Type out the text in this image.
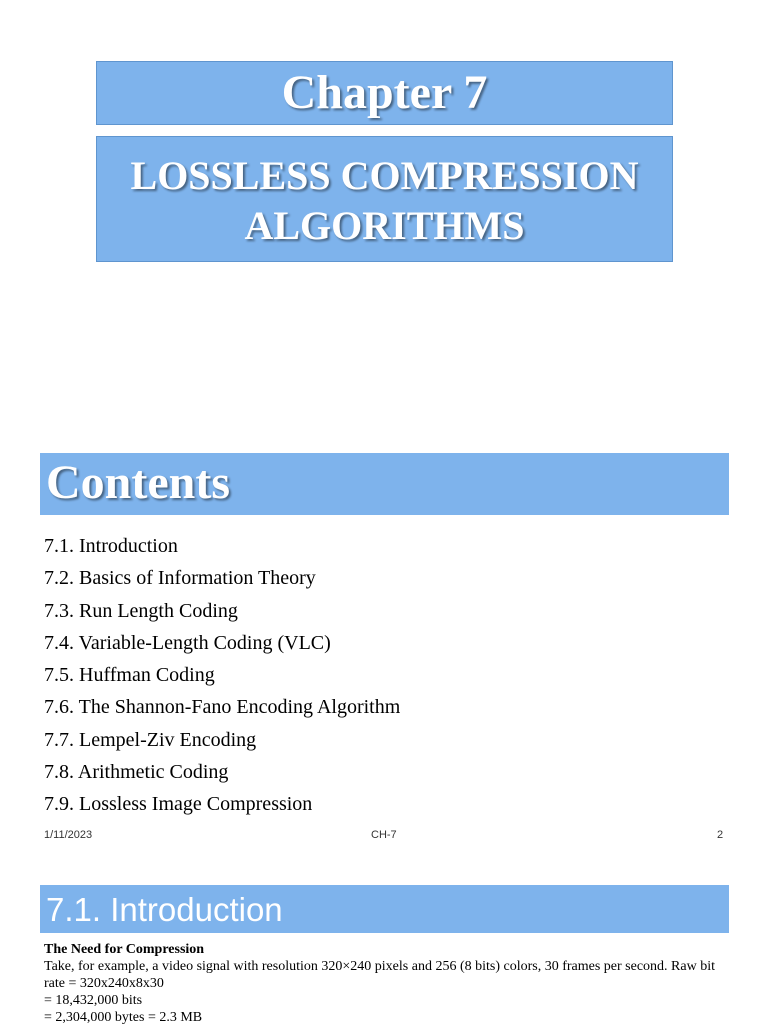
Chapter 7
LOSSLESS COMPRESSION ALGORITHMS
Contents
7.1. Introduction
7.2. Basics of Information Theory
7.3. Run Length Coding
7.4. Variable-Length Coding (VLC)
7.5. Huffman Coding
7.6. The Shannon-Fano Encoding Algorithm
7.7. Lempel-Ziv Encoding
7.8. Arithmetic Coding
7.9. Lossless Image Compression
1/11/2023	CH-7	2
7.1. Introduction
The Need for Compression
Take, for example, a video signal with resolution 320×240 pixels and 256 (8 bits) colors, 30 frames per second. Raw bit rate = 320x240x8x30
= 18,432,000 bits
= 2,304,000 bytes = 2.3 MB
